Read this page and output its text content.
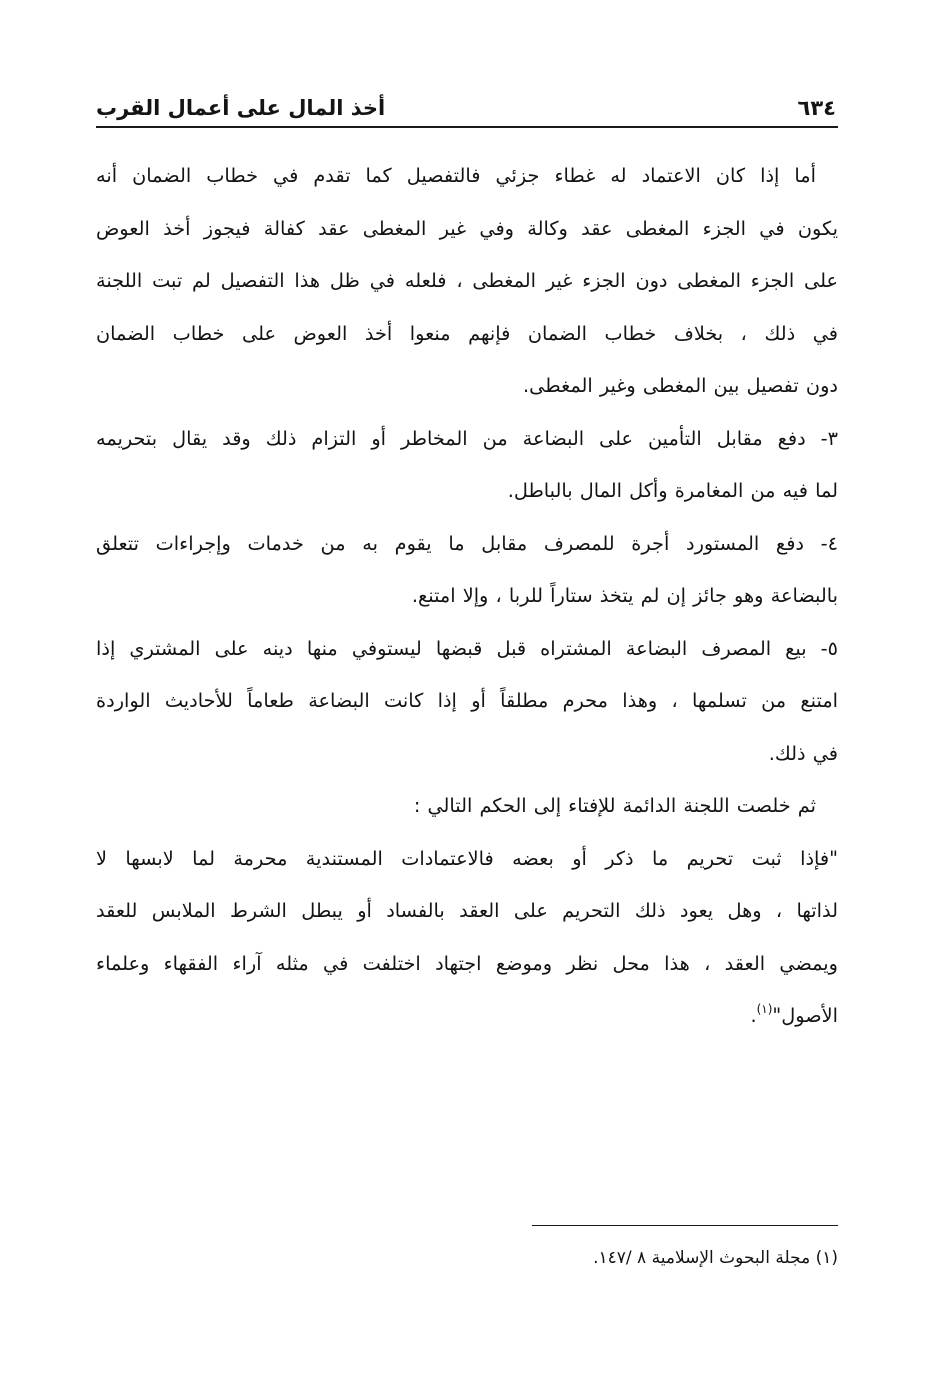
أخذ المال على أعمال القرب	٦٣٤
أما إذا كان الاعتماد له غطاء جزئي فالتفصيل كما تقدم في خطاب الضمان أنه
يكون في الجزء المغطى عقد وكالة وفي غير المغطى عقد كفالة فيجوز أخذ العوض
على الجزء المغطى دون الجزء غير المغطى ، فلعله في ظل هذا التفصيل لم تبت اللجنة
في ذلك ، بخلاف خطاب الضمان فإنهم منعوا أخذ العوض على خطاب الضمان
دون تفصيل بين المغطى وغير المغطى.
٣- دفع مقابل التأمين على البضاعة من المخاطر أو التزام ذلك وقد يقال بتحريمه
لما فيه من المغامرة وأكل المال بالباطل.
٤- دفع المستورد أجرة للمصرف مقابل ما يقوم به من خدمات وإجراءات تتعلق
بالبضاعة وهو جائز إن لم يتخذ ستاراً للربا ، وإلا امتنع.
٥- بيع المصرف البضاعة المشتراه قبل قبضها ليستوفي منها دينه على المشتري إذا
امتنع من تسلمها ، وهذا محرم مطلقاً أو إذا كانت البضاعة طعاماً للأحاديث الواردة
في ذلك.
ثم خلصت اللجنة الدائمة للإفتاء إلى الحكم التالي :
"فإذا ثبت تحريم ما ذكر أو بعضه فالاعتمادات المستندية محرمة لما لابسها لا
لذاتها ، وهل يعود ذلك التحريم على العقد بالفساد أو يبطل الشرط الملابس للعقد
ويمضي العقد ، هذا محل نظر وموضع اجتهاد اختلفت في مثله آراء الفقهاء وعلماء
الأصول"$^{(١)}$.
(١) مجلة البحوث الإسلامية ٨ /١٤٧.
